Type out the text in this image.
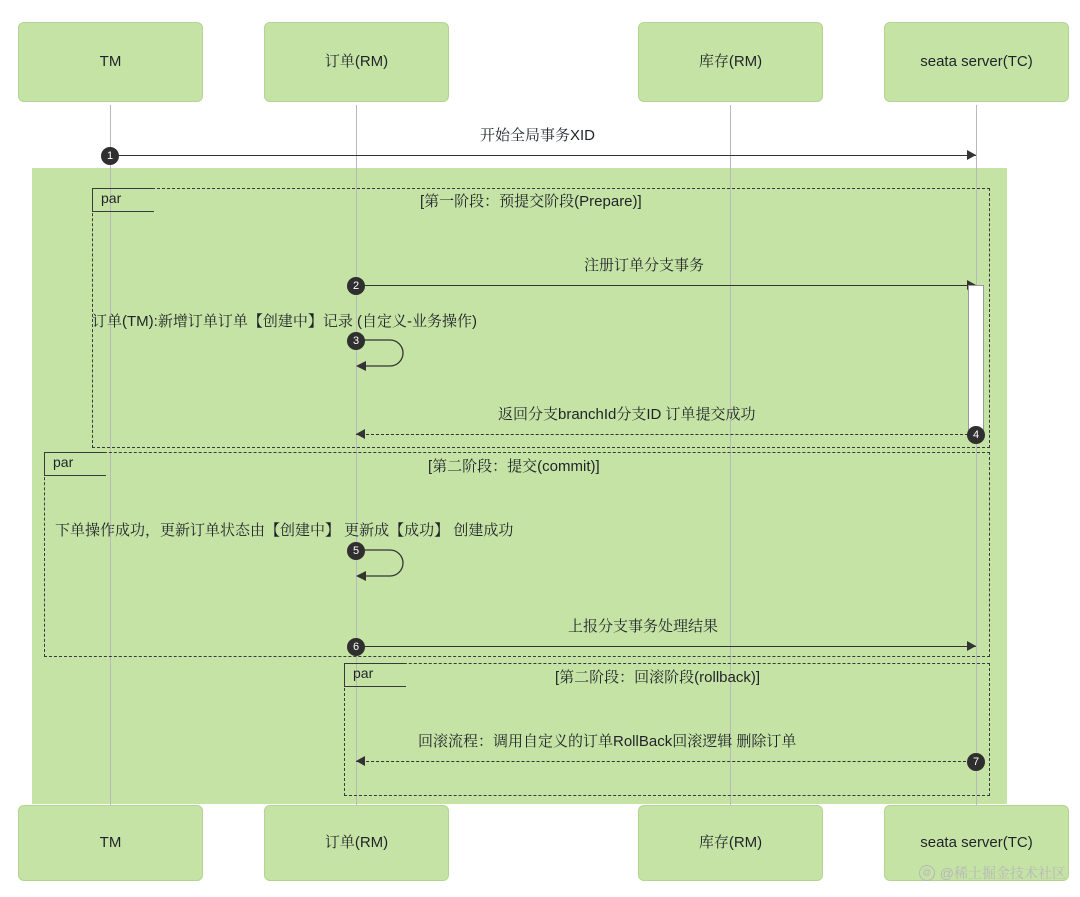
TM	订单(RM)	库存(RM)	seata server(TC)
TM	订单(RM)	库存(RM)	seata server(TC)
开始全局事务XID
1
par	[第一阶段：预提交阶段(Prepare)]
注册订单分支事务
2
订单(TM):新增订单订单【创建中】记录 (自定义-业务操作)
3
返回分支branchId分支ID 订单提交成功
4
par	[第二阶段：提交(commit)]
下单操作成功，更新订单状态由【创建中】 更新成【成功】 创建成功
5
上报分支事务处理结果
6
par	[第二阶段：回滚阶段(rollback)]
回滚流程：调用自定义的订单RollBack回滚逻辑 删除订单
7
@ @稀土掘金技术社区
